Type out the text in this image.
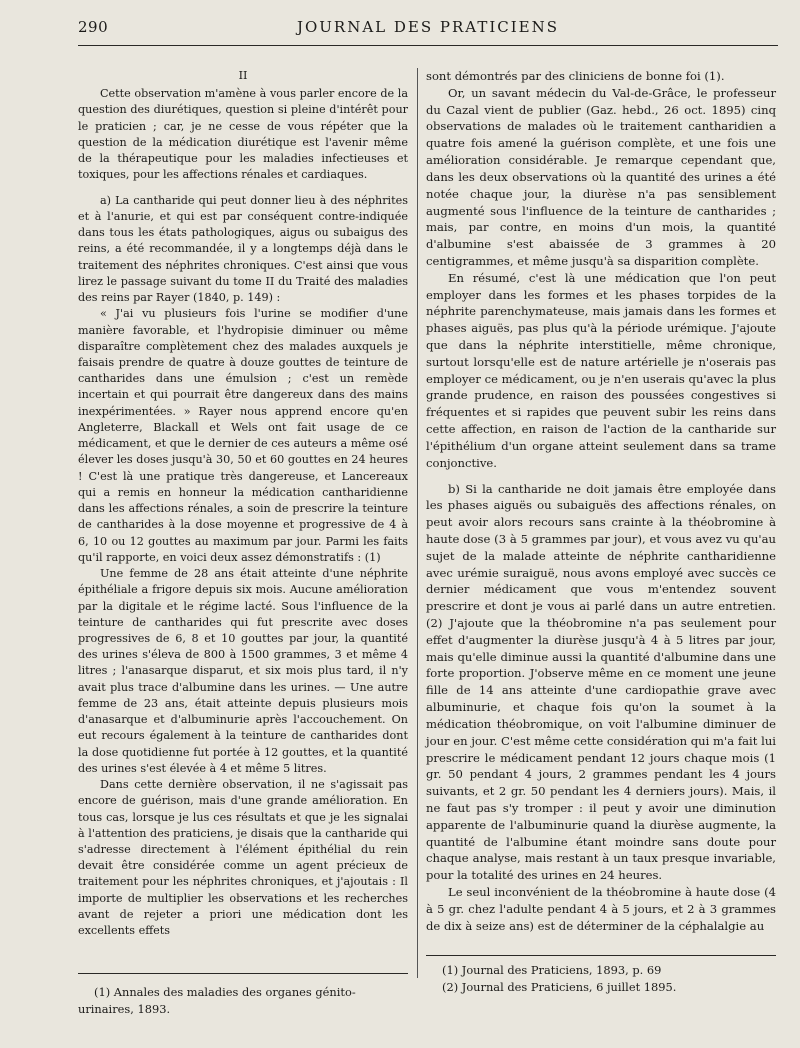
290	JOURNAL DES PRATICIENS

II

Cette observation m'amène à vous parler encore de la question des diurétiques, question si pleine d'intérêt pour le praticien ; car, je ne cesse de vous répéter que la question de la médication diurétique est l'avenir même de la thérapeutique pour les maladies infectieuses et toxiques, pour les affections rénales et cardiaques.

a) La cantharide qui peut donner lieu à des néphrites et à l'anurie, et qui est par conséquent contre-indiquée dans tous les états pathologiques, aigus ou subaigus des reins, a été recommandée, il y a longtemps déjà dans le traitement des néphrites chroniques. C'est ainsi que vous lirez le passage suivant du tome II du Traité des maladies des reins par Rayer (1840, p. 149) :

« J'ai vu plusieurs fois l'urine se modifier d'une manière favorable, et l'hydropisie diminuer ou même disparaître complètement chez des malades auxquels je faisais prendre de quatre à douze gouttes de teinture de cantharides dans une émulsion ; c'est un remède incertain et qui pourrait être dangereux dans des mains inexpérimentées. » Rayer nous apprend encore qu'en Angleterre, Blackall et Wels ont fait usage de ce médicament, et que le dernier de ces auteurs a même osé élever les doses jusqu'à 30, 50 et 60 gouttes en 24 heures ! C'est là une pratique très dangereuse, et Lancereaux qui a remis en honneur la médication cantharidienne dans les affections rénales, a soin de prescrire la teinture de cantharides à la dose moyenne et progressive de 4 à 6, 10 ou 12 gouttes au maximum par jour. Parmi les faits qu'il rapporte, en voici deux assez démonstratifs : (1)

Une femme de 28 ans était atteinte d'une néphrite épithéliale a frigore depuis six mois. Aucune amélioration par la digitale et le régime lacté. Sous l'influence de la teinture de cantharides qui fut prescrite avec doses progressives de 6, 8 et 10 gouttes par jour, la quantité des urines s'éleva de 800 à 1500 grammes, 3 et même 4 litres ; l'anasarque disparut, et six mois plus tard, il n'y avait plus trace d'albumine dans les urines. — Une autre femme de 23 ans, était atteinte depuis plusieurs mois d'anasarque et d'albuminurie après l'accouchement. On eut recours également à la teinture de cantharides dont la dose quotidienne fut portée à 12 gouttes, et la quantité des urines s'est élevée à 4 et même 5 litres.

Dans cette dernière observation, il ne s'agissait pas encore de guérison, mais d'une grande amélioration. En tous cas, lorsque je lus ces résultats et que je les signalai à l'attention des praticiens, je disais que la cantharide qui s'adresse directement à l'élément épithélial du rein devait être considérée comme un agent précieux de traitement pour les néphrites chroniques, et j'ajoutais : Il importe de multiplier les observations et les recherches avant de rejeter a priori une médication dont les excellents effets

sont démontrés par des cliniciens de bonne foi (1).

Or, un savant médecin du Val-de-Grâce, le professeur du Cazal vient de publier (Gaz. hebd., 26 oct. 1895) cinq observations de malades où le traitement cantharidien a quatre fois amené la guérison complète, et une fois une amélioration considérable. Je remarque cependant que, dans les deux observations où la quantité des urines a été notée chaque jour, la diurèse n'a pas sensiblement augmenté sous l'influence de la teinture de cantharides ; mais, par contre, en moins d'un mois, la quantité d'albumine s'est abaissée de 3 grammes à 20 centigrammes, et même jusqu'à sa disparition complète.

En résumé, c'est là une médication que l'on peut employer dans les formes et les phases torpides de la néphrite parenchymateuse, mais jamais dans les formes et phases aiguës, pas plus qu'à la période urémique. J'ajoute que dans la néphrite interstitielle, même chronique, surtout lorsqu'elle est de nature artérielle je n'oserais pas employer ce médicament, ou je n'en userais qu'avec la plus grande prudence, en raison des poussées congestives si fréquentes et si rapides que peuvent subir les reins dans cette affection, en raison de l'action de la cantharide sur l'épithélium d'un organe atteint seulement dans sa trame conjonctive.

b) Si la cantharide ne doit jamais être employée dans les phases aiguës ou subaiguës des affections rénales, on peut avoir alors recours sans crainte à la théobromine à haute dose (3 à 5 grammes par jour), et vous avez vu qu'au sujet de la malade atteinte de néphrite cantharidienne avec urémie suraiguë, nous avons employé avec succès ce dernier médicament que vous m'entendez souvent prescrire et dont je vous ai parlé dans un autre entretien. (2) J'ajoute que la théobromine n'a pas seulement pour effet d'augmenter la diurèse jusqu'à 4 à 5 litres par jour, mais qu'elle diminue aussi la quantité d'albumine dans une forte proportion. J'observe même en ce moment une jeune fille de 14 ans atteinte d'une cardiopathie grave avec albuminurie, et chaque fois qu'on la soumet à la médication théobromique, on voit l'albumine diminuer de jour en jour. C'est même cette considération qui m'a fait lui prescrire le médicament pendant 12 jours chaque mois (1 gr. 50 pendant 4 jours, 2 grammes pendant les 4 jours suivants, et 2 gr. 50 pendant les 4 derniers jours). Mais, il ne faut pas s'y tromper : il peut y avoir une diminution apparente de l'albuminurie quand la diurèse augmente, la quantité de l'albumine étant moindre sans doute pour chaque analyse, mais restant à un taux presque invariable, pour la totalité des urines en 24 heures.

Le seul inconvénient de la théobromine à haute dose (4 à 5 gr. chez l'adulte pendant 4 à 5 jours, et 2 à 3 grammes de dix à seize ans) est de déterminer de la céphalalgie au

(1) Annales des maladies des organes génito-urinaires, 1893.

(1) Journal des Praticiens, 1893, p. 69

(2) Journal des Praticiens, 6 juillet 1895.
